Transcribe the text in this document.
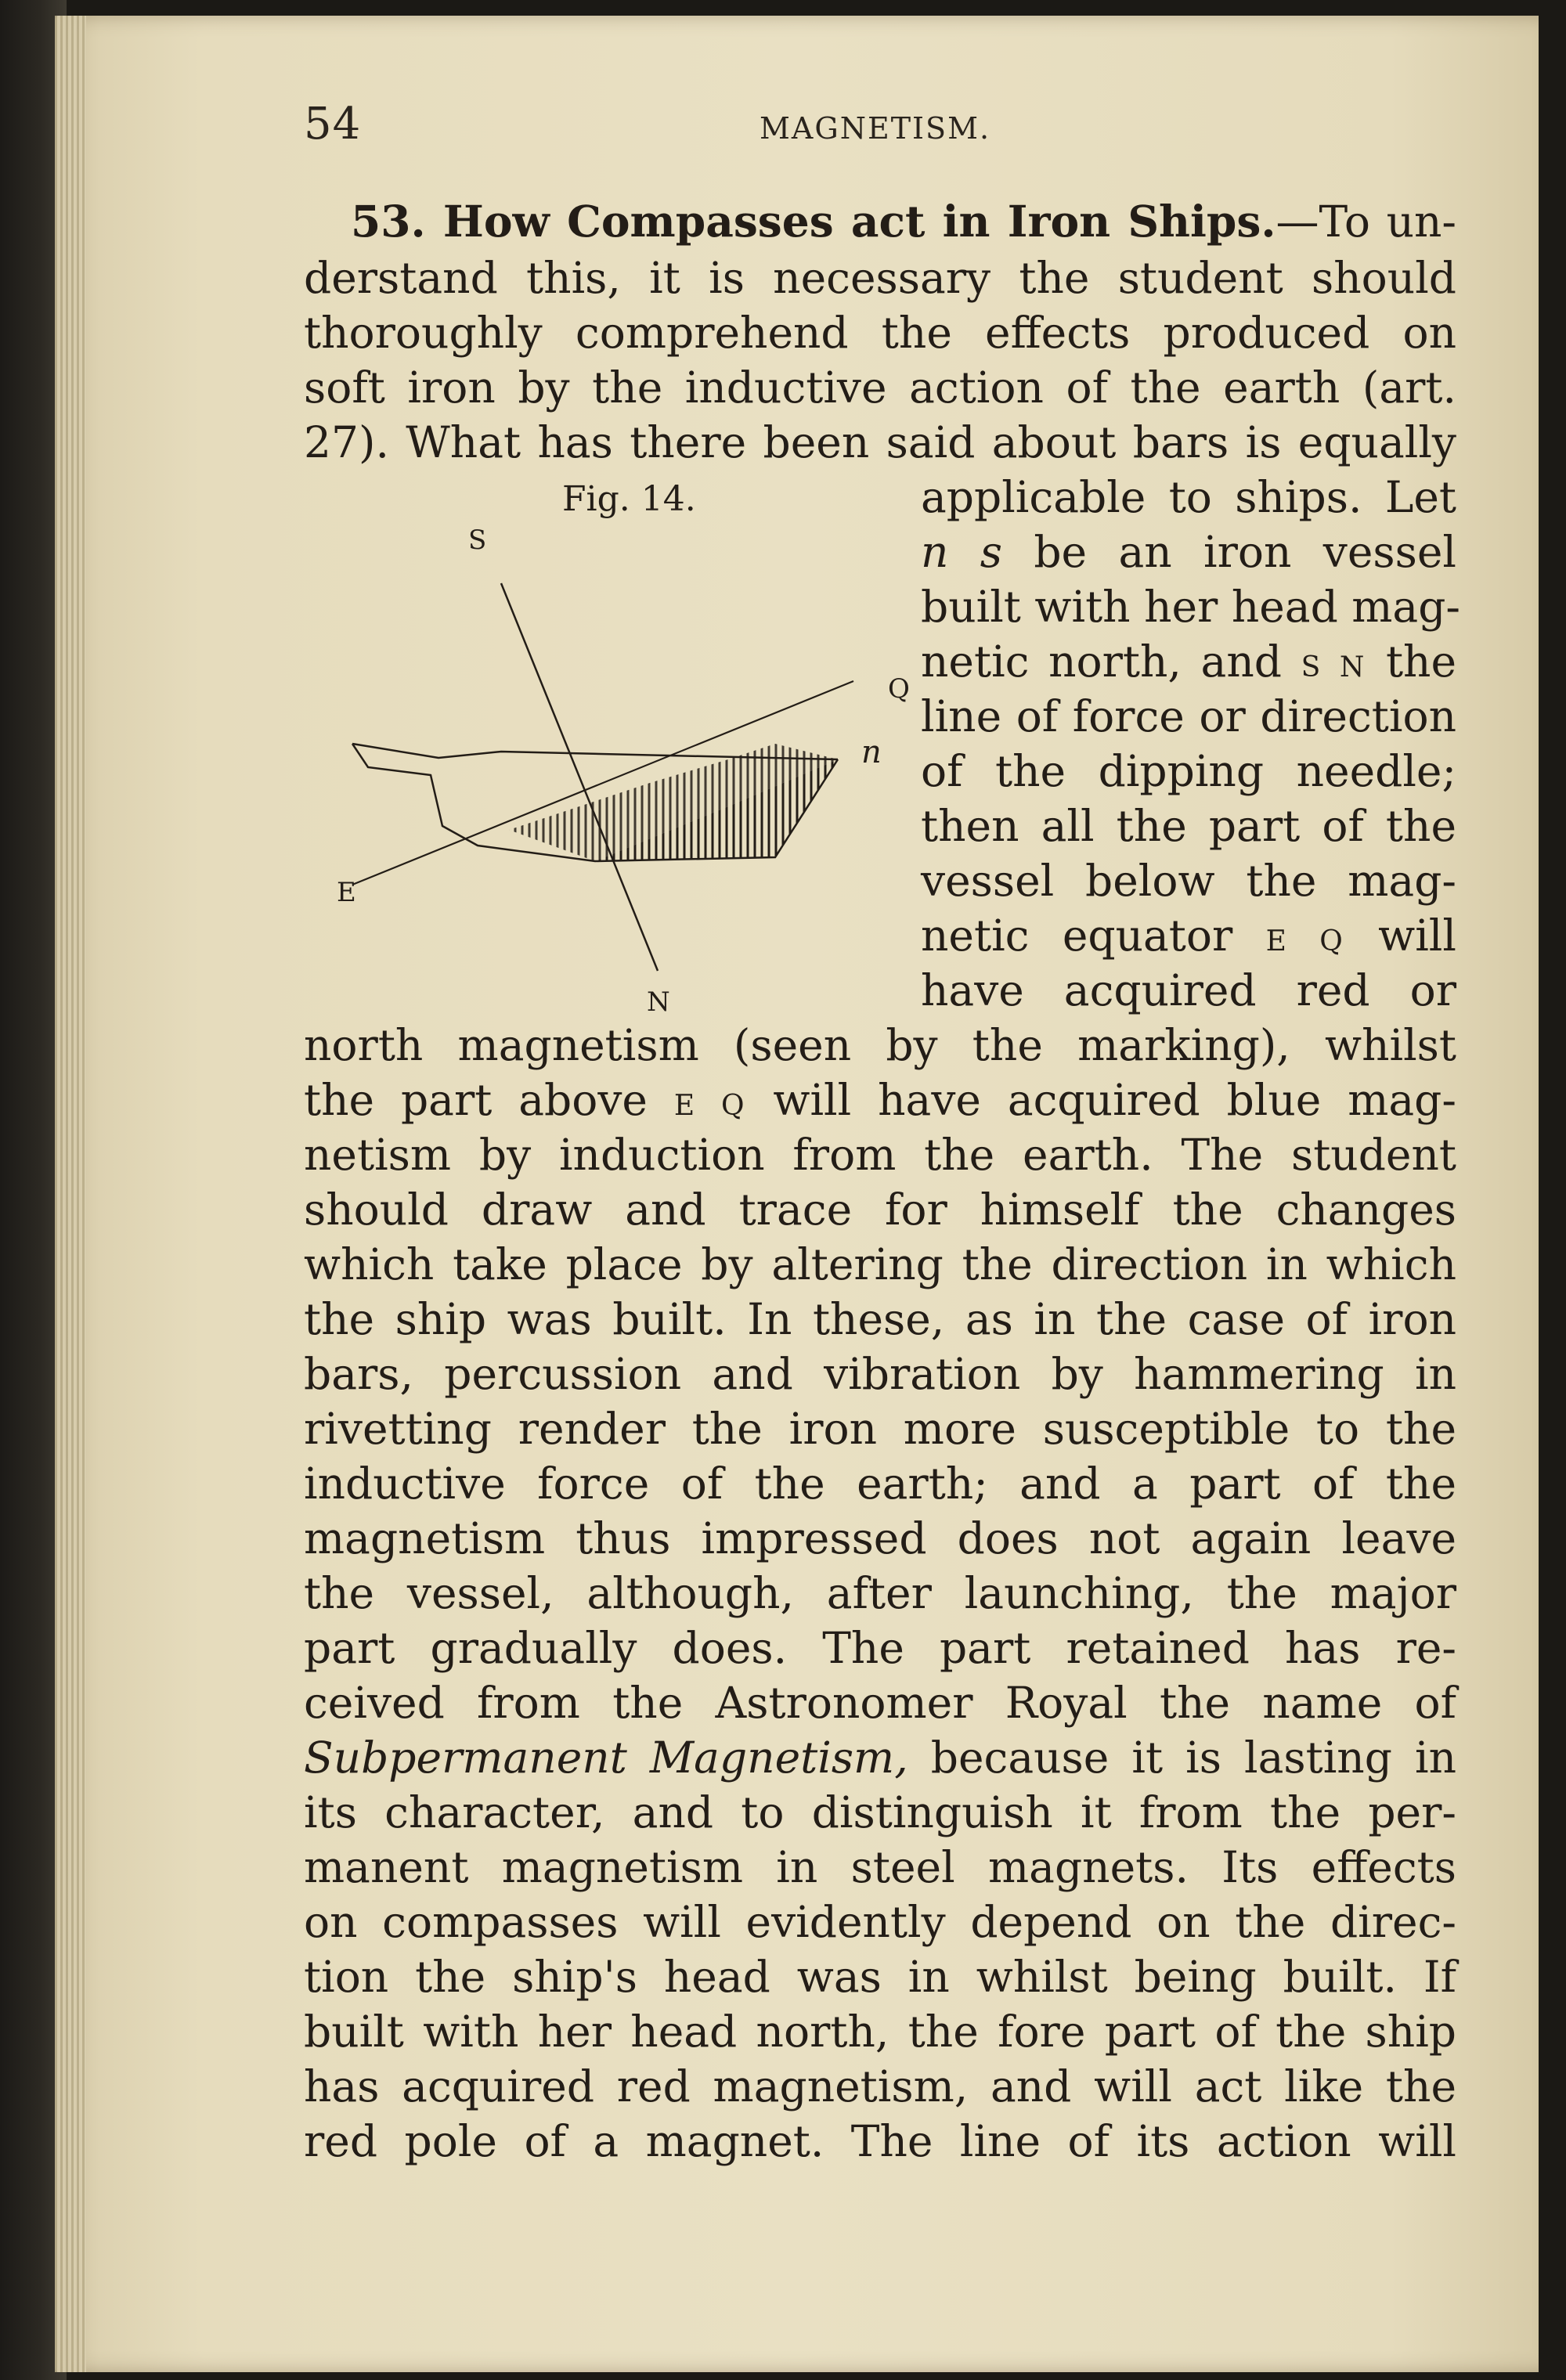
54	MAGNETISM.
53. How Compasses act in Iron Ships.—To un-
derstand this, it is necessary the student should
thoroughly comprehend the effects produced on
soft iron by the inductive action of the earth (art.
27). What has there been said about bars is equally
Fig. 14.	applicable to ships. Let
n s be an iron vessel
built with her head mag-
netic north, and S N the
line of force or direction
of the dipping needle;
then all the part of the
vessel below the mag-
netic equator E Q will
have acquired red or
S
N
E
Q
n
north magnetism (seen by the marking), whilst
the part above E Q will have acquired blue mag-
netism by induction from the earth. The student
should draw and trace for himself the changes
which take place by altering the direction in which
the ship was built. In these, as in the case of iron
bars, percussion and vibration by hammering in
rivetting render the iron more susceptible to the
inductive force of the earth; and a part of the
magnetism thus impressed does not again leave
the vessel, although, after launching, the major
part gradually does. The part retained has re-
ceived from the Astronomer Royal the name of
Subpermanent Magnetism, because it is lasting in
its character, and to distinguish it from the per-
manent magnetism in steel magnets. Its effects
on compasses will evidently depend on the direc-
tion the ship's head was in whilst being built. If
built with her head north, the fore part of the ship
has acquired red magnetism, and will act like the
red pole of a magnet. The line of its action will
